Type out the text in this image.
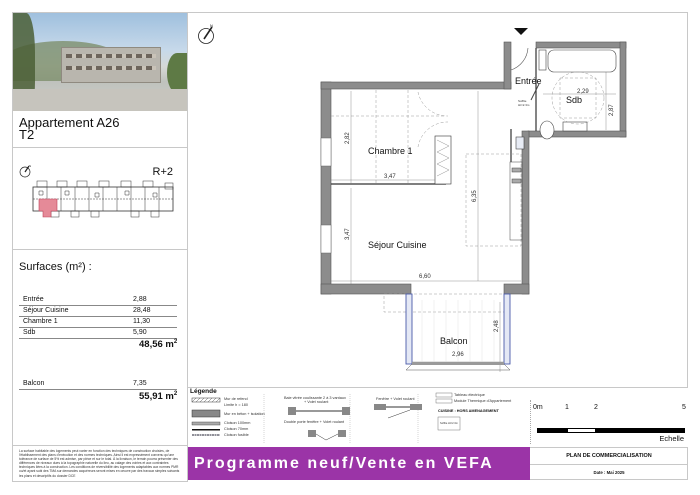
Appartement A26
T2
N	R+2
Surfaces (m²) :
Entrée	2,88
Séjour Cuisine	28,48
Chambre 1	11,30
Sdb	5,90
48,56 $m^2$
Balcon	7,35
55,91 $m^2$
La surface habitable des logements peut varier en fonction des techniques de construction choisies, de l'établissement des plans d'exécution et des normes techniques. Ainsi il est expressément convenu qu'une tolérance de surface de 5% est admise, par pièce et sur le total. À la livraison, le terrain pourra présenter des différences de niveaux dues à la topographie naturelle du lieu, au calage des voiries et aux contraintes techniques liées à la construction. Les conditions de réversibilité des logements adaptables aux normes PMR ou/et ayant subi des TMA sur demandes acquéreurs seront mises en oeuvre par des travaux simples suivants les plans et descriptifs du dossier DCE
N
Entrée
Sdb
Chambre 1
Séjour Cuisine
Balcon
Soffite
Ht=2.3m
2,29
3,47
6,60
2,96
2,82
3,47
6,35
2,87
2,48
Légende
Mur de refend
Limite h = 180
Mur en béton + isolation
Cloison 100mm
Cloison 70mm
Cloison fusible
Baie vitrée coulissante 2 à 3 vantaux
+ Volet roulant
Double porte fenêtre + Volet roulant
Fenêtre + Volet roulant
Tableau électrique
Module Thermique d'Appartement
CUISINE : HORS AMENAGEMENT
Soffite Ht=2.3m
0m	1	2	5
Echelle
Programme neuf/Vente en VEFA	PLAN DE COMMERCIALISATION
Date : Mai 2025
